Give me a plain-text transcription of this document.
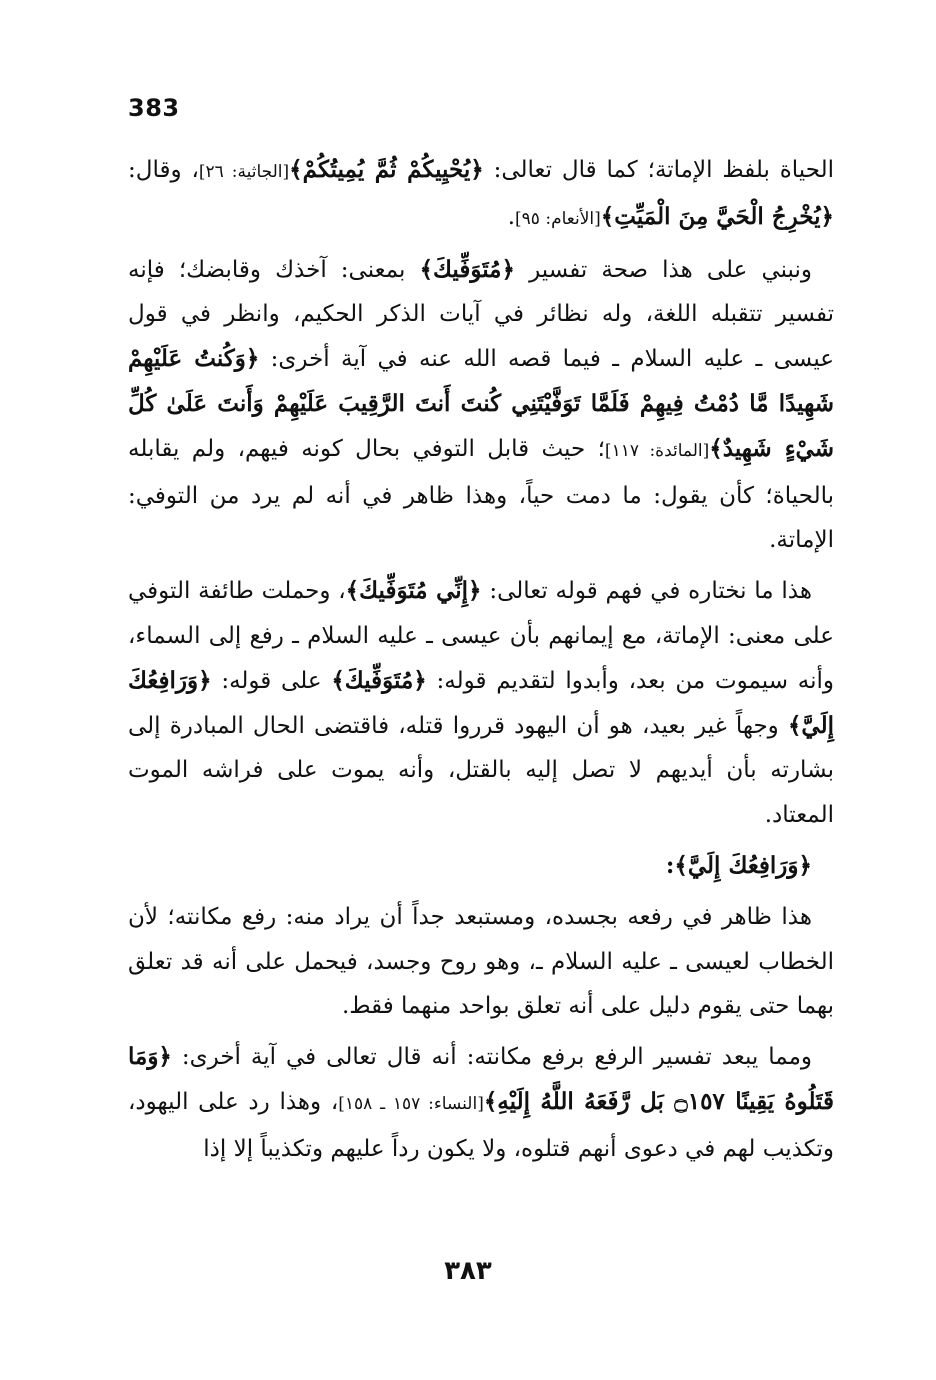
383

الحياة بلفظ الإماتة؛ كما قال تعالى: ﴿يُحْيِيكُمْ ثُمَّ يُمِيتُكُمْ﴾[الجاثية: ٢٦]، وقال: ﴿يُخْرِجُ الْحَيَّ مِنَ الْمَيِّتِ﴾[الأنعام: ٩٥].

ونبني على هذا صحة تفسير ﴿مُتَوَفِّيكَ﴾ بمعنى: آخذك وقابضك؛ فإنه تفسير تتقبله اللغة، وله نظائر في آيات الذكر الحكيم، وانظر في قول عيسى ـ عليه السلام ـ فيما قصه الله عنه في آية أخرى: ﴿وَكُنتُ عَلَيْهِمْ شَهِيدًا مَّا دُمْتُ فِيهِمْ فَلَمَّا تَوَفَّيْتَنِي كُنتَ أَنتَ الرَّقِيبَ عَلَيْهِمْ وَأَنتَ عَلَىٰ كُلِّ شَيْءٍ شَهِيدٌ﴾[المائدة: ١١٧]؛ حيث قابل التوفي بحال كونه فيهم، ولم يقابله بالحياة؛ كأن يقول: ما دمت حياً، وهذا ظاهر في أنه لم يرد من التوفي: الإماتة.

هذا ما نختاره في فهم قوله تعالى: ﴿إِنِّي مُتَوَفِّيكَ﴾، وحملت طائفة التوفي على معنى: الإماتة، مع إيمانهم بأن عيسى ـ عليه السلام ـ رفع إلى السماء، وأنه سيموت من بعد، وأبدوا لتقديم قوله: ﴿مُتَوَفِّيكَ﴾ على قوله: ﴿وَرَافِعُكَ إِلَيَّ﴾ وجهاً غير بعيد، هو أن اليهود قرروا قتله، فاقتضى الحال المبادرة إلى بشارته بأن أيديهم لا تصل إليه بالقتل، وأنه يموت على فراشه الموت المعتاد.

﴿وَرَافِعُكَ إِلَيَّ﴾:

هذا ظاهر في رفعه بجسده، ومستبعد جداً أن يراد منه: رفع مكانته؛ لأن الخطاب لعيسى ـ عليه السلام ـ، وهو روح وجسد، فيحمل على أنه قد تعلق بهما حتى يقوم دليل على أنه تعلق بواحد منهما فقط.

ومما يبعد تفسير الرفع برفع مكانته: أنه قال تعالى في آية أخرى: ﴿وَمَا قَتَلُوهُ يَقِينًا ۝١٥٧ بَل رَّفَعَهُ اللَّهُ إِلَيْهِ﴾[النساء: ١٥٧ ـ ١٥٨]، وهذا رد على اليهود، وتكذيب لهم في دعوى أنهم قتلوه، ولا يكون رداً عليهم وتكذيباً إلا إذا

٣٨٣
